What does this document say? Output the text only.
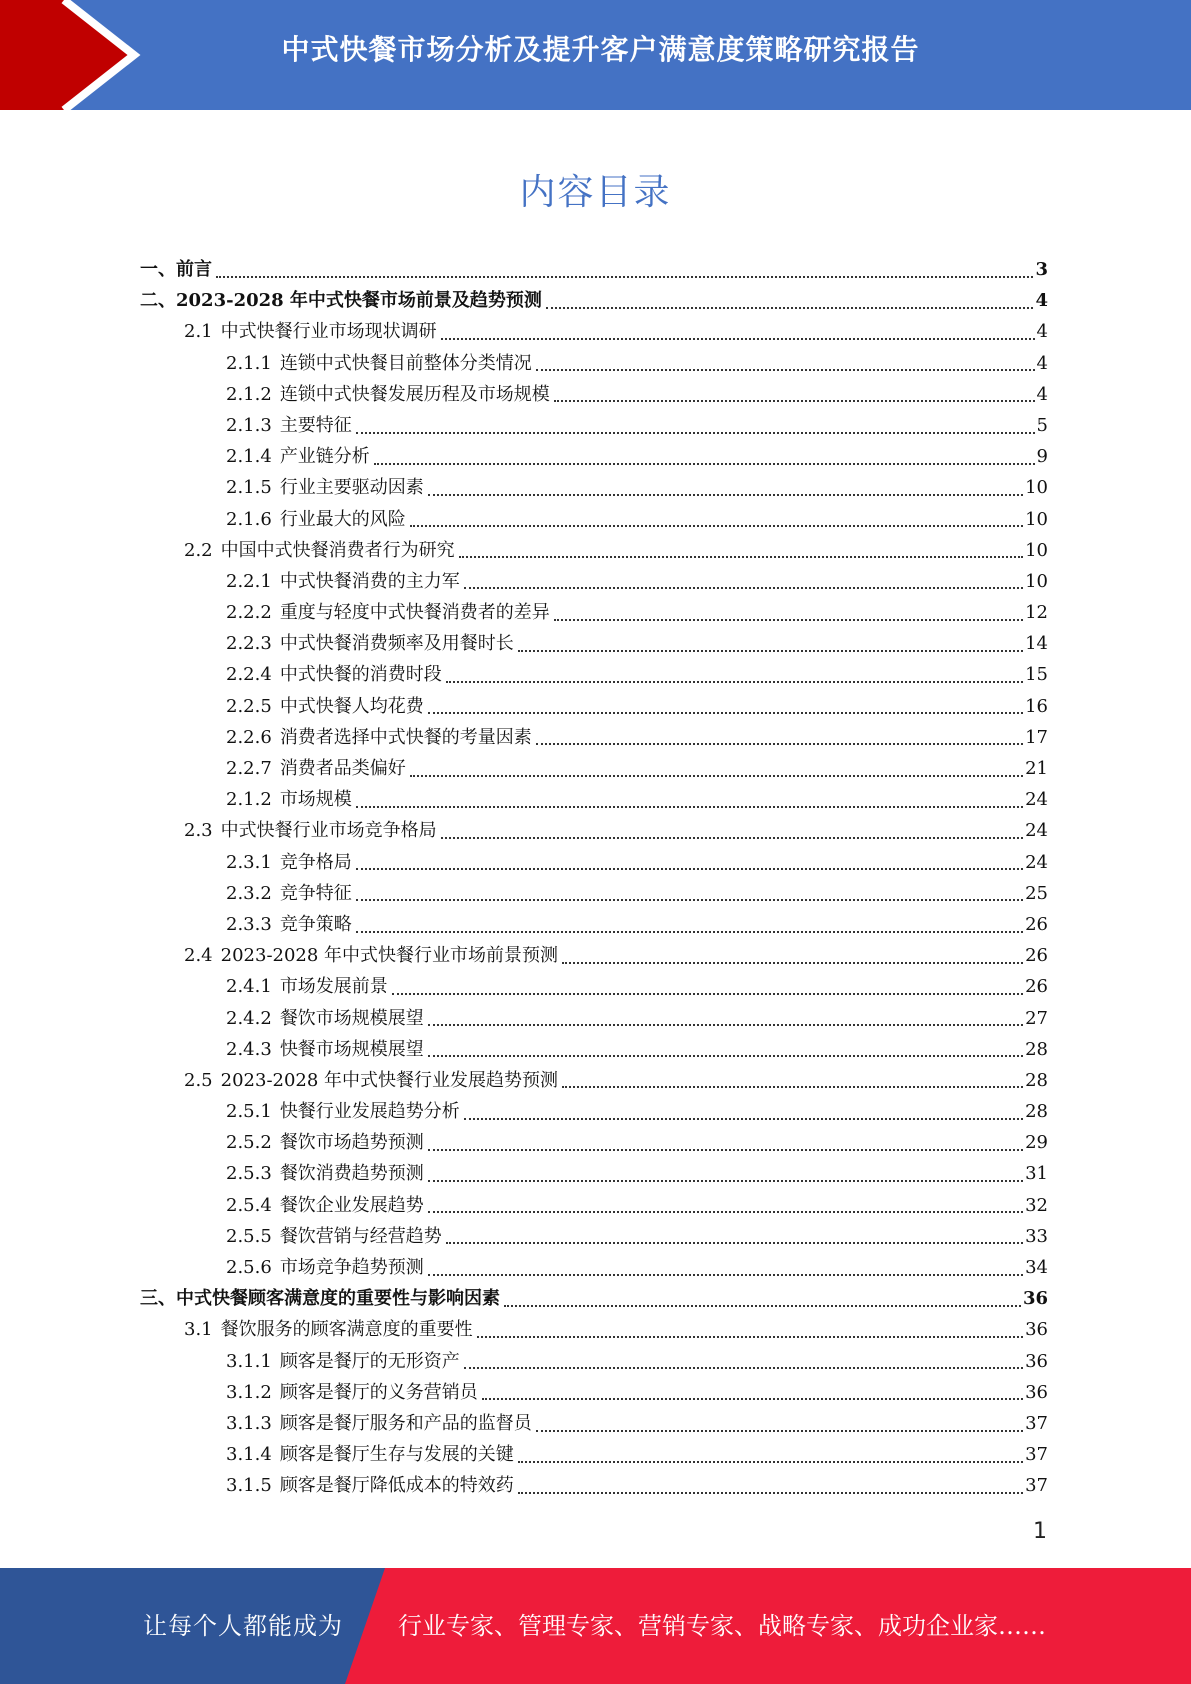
中式快餐市场分析及提升客户满意度策略研究报告
内容目录
一、 前言	3
二、 2023-2028 年中式快餐市场前景及趋势预测	4
2.1 中式快餐行业市场现状调研	4
2.1.1 连锁中式快餐目前整体分类情况	4
2.1.2 连锁中式快餐发展历程及市场规模	4
2.1.3 主要特征	5
2.1.4 产业链分析	9
2.1.5 行业主要驱动因素	10
2.1.6 行业最大的风险	10
2.2 中国中式快餐消费者行为研究	10
2.2.1 中式快餐消费的主力军	10
2.2.2 重度与轻度中式快餐消费者的差异	12
2.2.3 中式快餐消费频率及用餐时长	14
2.2.4 中式快餐的消费时段	15
2.2.5 中式快餐人均花费	16
2.2.6 消费者选择中式快餐的考量因素	17
2.2.7 消费者品类偏好	21
2.1.2 市场规模	24
2.3 中式快餐行业市场竞争格局	24
2.3.1 竞争格局	24
2.3.2 竞争特征	25
2.3.3 竞争策略	26
2.4 2023-2028 年中式快餐行业市场前景预测	26
2.4.1 市场发展前景	26
2.4.2 餐饮市场规模展望	27
2.4.3 快餐市场规模展望	28
2.5 2023-2028 年中式快餐行业发展趋势预测	28
2.5.1 快餐行业发展趋势分析	28
2.5.2 餐饮市场趋势预测	29
2.5.3 餐饮消费趋势预测	31
2.5.4 餐饮企业发展趋势	32
2.5.5 餐饮营销与经营趋势	33
2.5.6 市场竞争趋势预测	34
三、 中式快餐顾客满意度的重要性与影响因素	36
3.1 餐饮服务的顾客满意度的重要性	36
3.1.1 顾客是餐厅的无形资产	36
3.1.2 顾客是餐厅的义务营销员	36
3.1.3 顾客是餐厅服务和产品的监督员	37
3.1.4 顾客是餐厅生存与发展的关键	37
3.1.5 顾客是餐厅降低成本的特效药	37
1
让每个人都能成为 行业专家、管理专家、营销专家、战略专家、成功企业家……
